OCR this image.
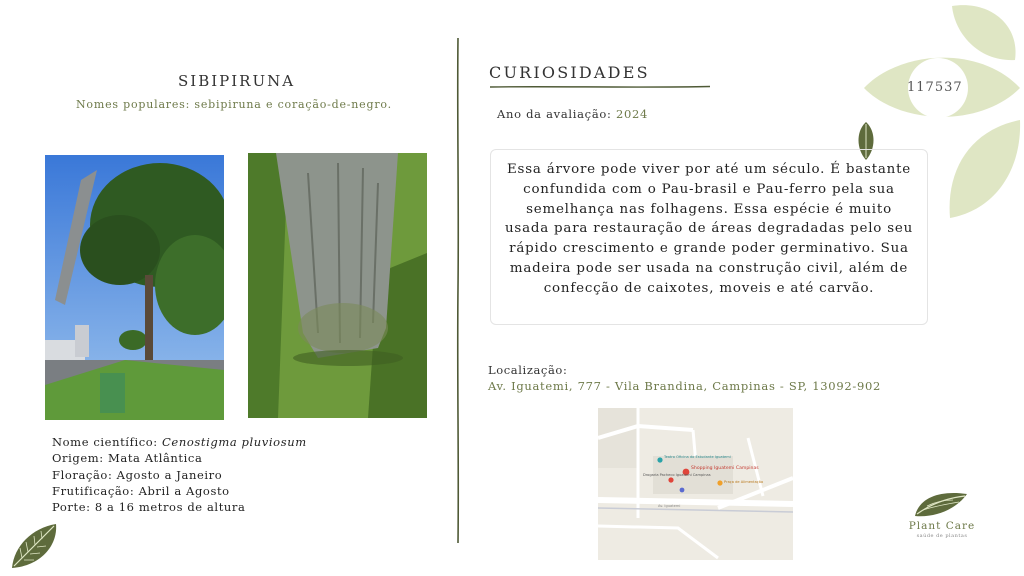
117537
SIBIPIRUNA
Nomes populares: sebipiruna e coração-de-negro.
Nome científico: Cenostigma pluviosum
Origem: Mata Atlântica
Floração: Agosto a Janeiro
Frutificação: Abril a Agosto
Porte: 8 a 16 metros de altura
CURIOSIDADES
Ano da avaliação: 2024
Essa árvore pode viver por até um século. É bastante confundida com o Pau-brasil e Pau-ferro pela sua semelhança nas folhagens. Essa espécie é muito usada para restauração de áreas degradadas pelo seu rápido crescimento e grande poder germinativo. Sua madeira pode ser usada na construção civil, além de confecção de caixotes, moveis e até carvão.
Localização:
Av. Iguatemi, 777 - Vila Brandina, Campinas - SP, 13092-902
Shopping Iguatemi Campinas
Teatro Oficina do Estudante Iguatemi
Drogaria Pacheco Iguatemi Campinas
Praça de Alimentação
Av. Iguatemi
Plant Care
saúde de plantas
